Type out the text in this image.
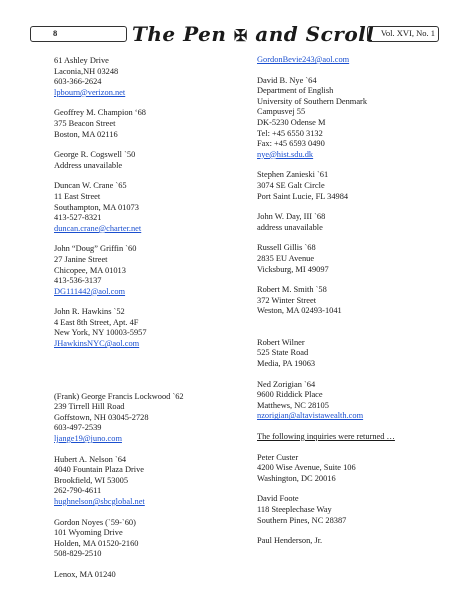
8	The Pen ✠ and Scroll Vol. XVI, No. 1
61 Ashley Drive
Laconia,NH 03248
603-366-2624
lpbourn@verizon.net
Geoffrey M. Champion ‘68
375 Beacon Street
Boston, MA 02116
George R. Cogswell `50
Address unavailable
Duncan W. Crane `65
11 East Street
Southampton, MA 01073
413-527-8321
duncan.crane@charter.net
John “Doug” Griffin `60
27 Janine Street
Chicopee, MA 01013
413-536-3137
DG111442@aol.com
John R. Hawkins `52
4 East 8th Street, Apt. 4F
New York, NY 10003-5957
JHawkinsNYC@aol.com
(Frank) George Francis Lockwood `62
239 Tirrell Hill Road
Goffstown, NH 03045-2728
603-497-2539
ljange19@juno.com
Hubert A. Nelson `64
4040 Fountain Plaza Drive
Brookfield, WI 53005
262-790-4611
hughnelson@sbcglobal.net
Gordon Noyes (`59-`60)
101 Wyoming Drive
Holden, MA 01520-2160
508-829-2510
Lenox, MA 01240
GordonBevie243@aol.com
David B. Nye `64
Department of English
University of Southern Denmark
Campusvej 55
DK-5230 Odense M
Tel: +45 6550 3132
Fax: +45 6593 0490
nye@hist.sdu.dk
Stephen Zanieski `61
3074 SE Galt Circle
Port Saint Lucie, FL 34984
John W. Day, III `68
address unavailable
Russell Gillis `68
2835 EU Avenue
Vicksburg, MI 49097
Robert M. Smith `58
372 Winter Street
Weston, MA 02493-1041
Robert Wilner
525 State Road
Media, PA 19063
Ned Zorigian `64
9600 Riddick Place
Matthews, NC 28105
nzorigian@altavistawealth.com
The following inquiries were returned …
Peter Custer
4200 Wise Avenue, Suite 106
Washington, DC 20016
David Foote
118 Steeplechase Way
Southern Pines, NC 28387
Paul Henderson, Jr.
